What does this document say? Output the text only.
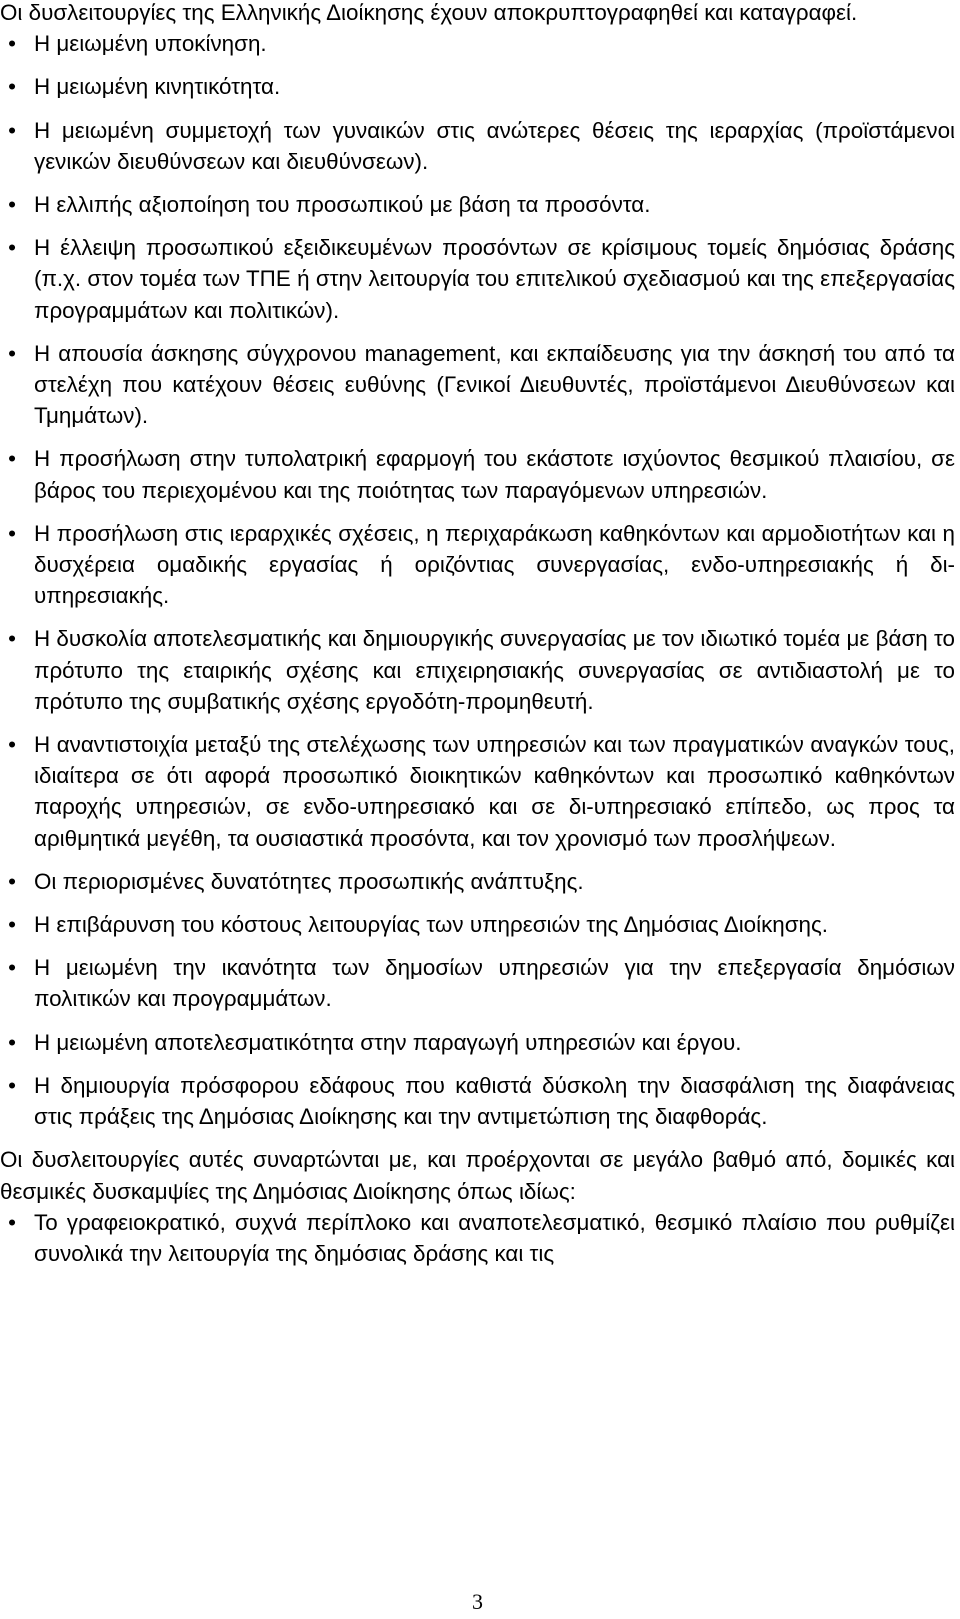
Οι δυσλειτουργίες της Ελληνικής Διοίκησης έχουν αποκρυπτογραφηθεί και καταγραφεί.

• Η μειωμένη υποκίνηση.
• Η μειωμένη κινητικότητα.
• Η μειωμένη συμμετοχή των γυναικών στις ανώτερες θέσεις της ιεραρχίας (προϊστάμενοι γενικών διευθύνσεων και διευθύνσεων).
• Η ελλιπής αξιοποίηση του προσωπικού με βάση τα προσόντα.
• Η έλλειψη προσωπικού εξειδικευμένων προσόντων σε κρίσιμους τομείς δημόσιας δράσης (π.χ. στον τομέα των ΤΠΕ ή στην λειτουργία του επιτελικού σχεδιασμού και της επεξεργασίας προγραμμάτων και πολιτικών).
• Η απουσία άσκησης σύγχρονου management, και εκπαίδευσης για την άσκησή του από τα στελέχη που κατέχουν θέσεις ευθύνης (Γενικοί Διευθυντές, προϊστάμενοι Διευθύνσεων και Τμημάτων).
• Η προσήλωση στην τυπολατρική εφαρμογή του εκάστοτε ισχύοντος θεσμικού πλαισίου, σε βάρος του περιεχομένου και της ποιότητας των παραγόμενων υπηρεσιών.
• Η προσήλωση στις ιεραρχικές σχέσεις, η περιχαράκωση καθηκόντων και αρμοδιοτήτων και η δυσχέρεια ομαδικής εργασίας ή οριζόντιας συνεργασίας, ενδο-υπηρεσιακής ή δι-υπηρεσιακής.
• Η δυσκολία αποτελεσματικής και δημιουργικής συνεργασίας με τον ιδιωτικό τομέα με βάση το πρότυπο της εταιρικής σχέσης και επιχειρησιακής συνεργασίας σε αντιδιαστολή με το πρότυπο της συμβατικής σχέσης εργοδότη-προμηθευτή.
• Η αναντιστοιχία μεταξύ της στελέχωσης των υπηρεσιών και των πραγματικών αναγκών τους, ιδιαίτερα σε ότι αφορά προσωπικό διοικητικών καθηκόντων και προσωπικό καθηκόντων παροχής υπηρεσιών, σε ενδο-υπηρεσιακό και σε δι-υπηρεσιακό επίπεδο, ως προς τα αριθμητικά μεγέθη, τα ουσιαστικά προσόντα, και τον χρονισμό των προσλήψεων.
• Οι περιορισμένες δυνατότητες προσωπικής ανάπτυξης.
• Η επιβάρυνση του κόστους λειτουργίας των υπηρεσιών της Δημόσιας Διοίκησης.
• Η μειωμένη την ικανότητα των δημοσίων υπηρεσιών για την επεξεργασία δημόσιων πολιτικών και προγραμμάτων.
• Η μειωμένη αποτελεσματικότητα στην παραγωγή υπηρεσιών και έργου.
• Η δημιουργία πρόσφορου εδάφους που καθιστά δύσκολη την διασφάλιση της διαφάνειας στις πράξεις της Δημόσιας Διοίκησης και την αντιμετώπιση της διαφθοράς.

Οι δυσλειτουργίες αυτές συναρτώνται με, και προέρχονται σε μεγάλο βαθμό από, δομικές και θεσμικές δυσκαμψίες της Δημόσιας Διοίκησης όπως ιδίως:

• Το γραφειοκρατικό, συχνά περίπλοκο και αναποτελεσματικό, θεσμικό πλαίσιο που ρυθμίζει συνολικά την λειτουργία της δημόσιας δράσης και τις
3
